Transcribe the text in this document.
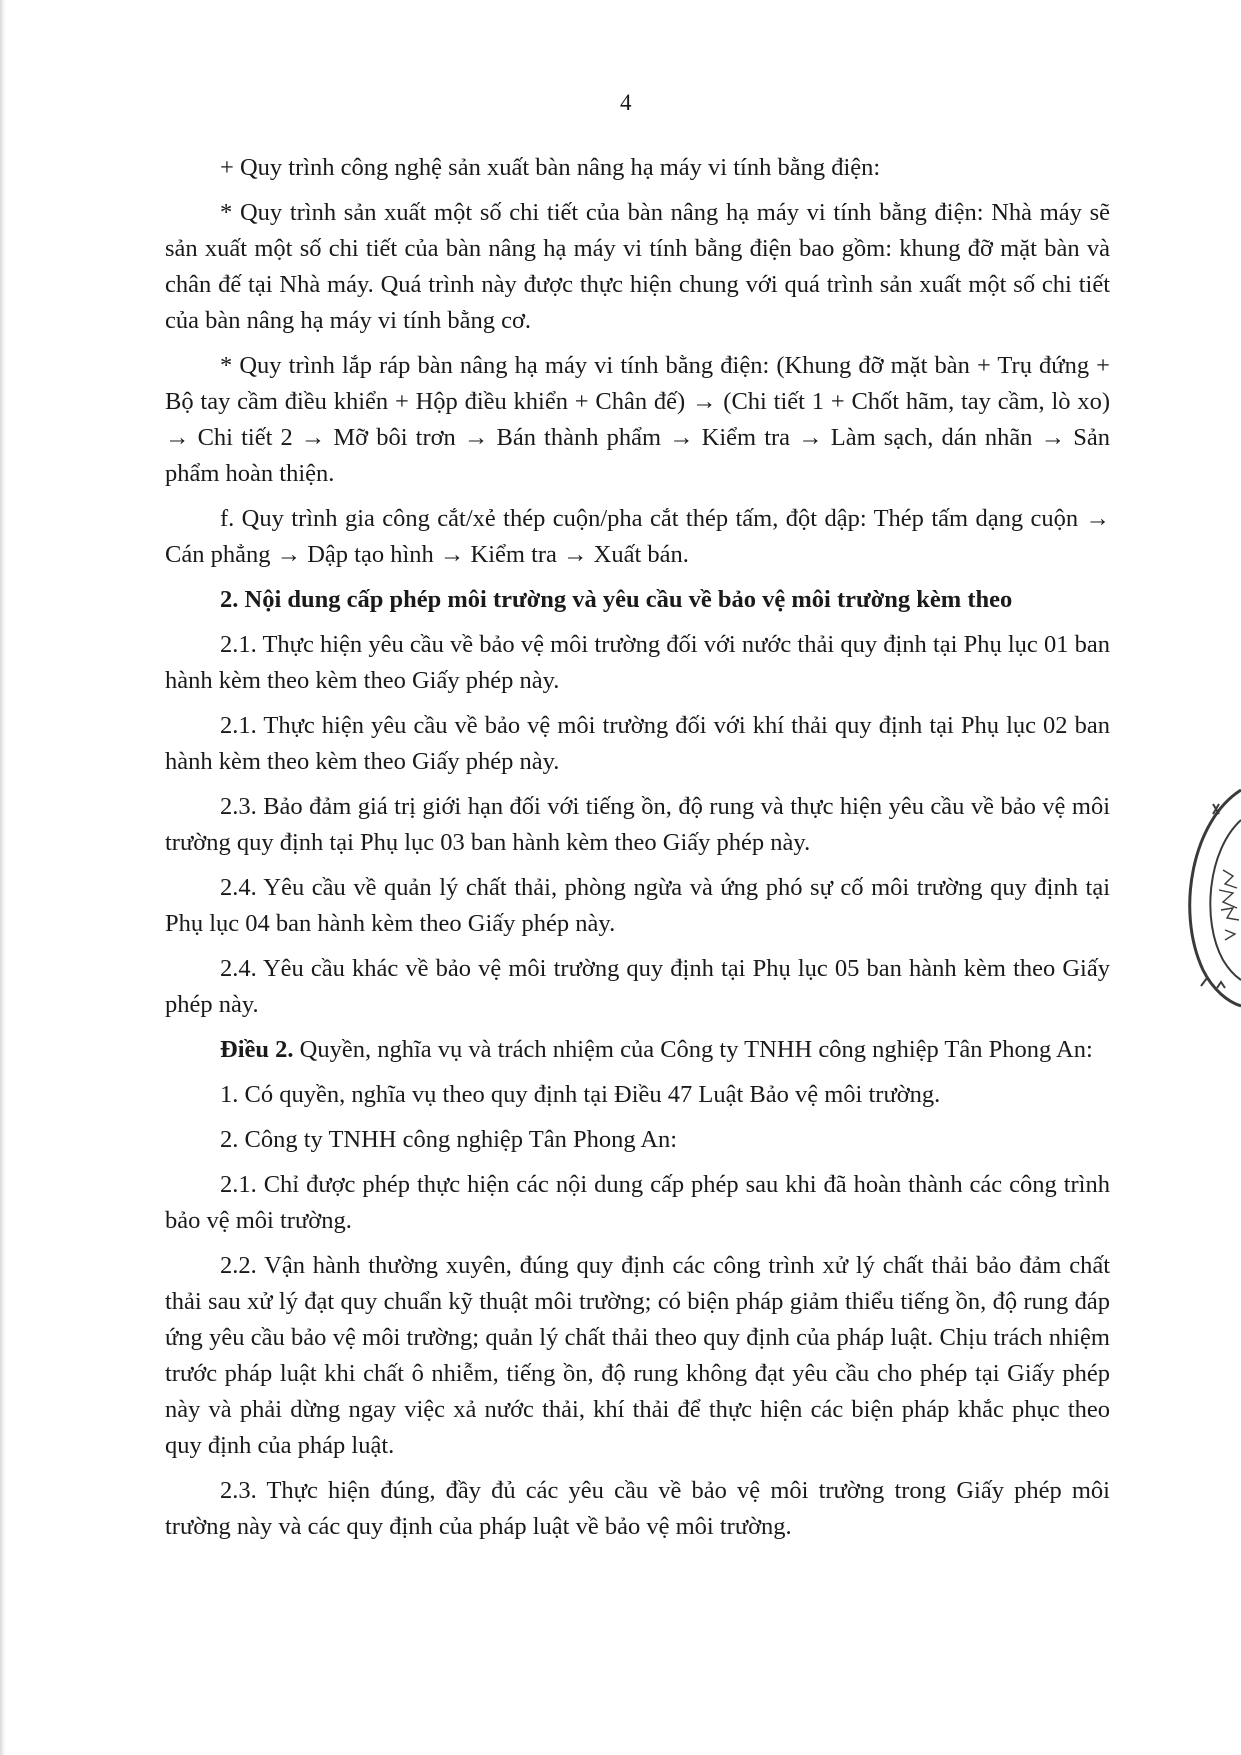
4

+ Quy trình công nghệ sản xuất bàn nâng hạ máy vi tính bằng điện:

* Quy trình sản xuất một số chi tiết của bàn nâng hạ máy vi tính bằng điện: Nhà máy sẽ sản xuất một số chi tiết của bàn nâng hạ máy vi tính bằng điện bao gồm: khung đỡ mặt bàn và chân đế tại Nhà máy. Quá trình này được thực hiện chung với quá trình sản xuất một số chi tiết của bàn nâng hạ máy vi tính bằng cơ.

* Quy trình lắp ráp bàn nâng hạ máy vi tính bằng điện: (Khung đỡ mặt bàn + Trụ đứng + Bộ tay cầm điều khiển + Hộp điều khiển + Chân đế) → (Chi tiết 1 + Chốt hãm, tay cầm, lò xo) → Chi tiết 2 → Mỡ bôi trơn → Bán thành phẩm → Kiểm tra → Làm sạch, dán nhãn → Sản phẩm hoàn thiện.

f. Quy trình gia công cắt/xẻ thép cuộn/pha cắt thép tấm, đột dập: Thép tấm dạng cuộn → Cán phẳng → Dập tạo hình → Kiểm tra → Xuất bán.

2. Nội dung cấp phép môi trường và yêu cầu về bảo vệ môi trường kèm theo

2.1. Thực hiện yêu cầu về bảo vệ môi trường đối với nước thải quy định tại Phụ lục 01 ban hành kèm theo kèm theo Giấy phép này.

2.1. Thực hiện yêu cầu về bảo vệ môi trường đối với khí thải quy định tại Phụ lục 02 ban hành kèm theo kèm theo Giấy phép này.

2.3. Bảo đảm giá trị giới hạn đối với tiếng ồn, độ rung và thực hiện yêu cầu về bảo vệ môi trường quy định tại Phụ lục 03 ban hành kèm theo Giấy phép này.

2.4. Yêu cầu về quản lý chất thải, phòng ngừa và ứng phó sự cố môi trường quy định tại Phụ lục 04 ban hành kèm theo Giấy phép này.

2.4. Yêu cầu khác về bảo vệ môi trường quy định tại Phụ lục 05 ban hành kèm theo Giấy phép này.

Điều 2. Quyền, nghĩa vụ và trách nhiệm của Công ty TNHH công nghiệp Tân Phong An:

1. Có quyền, nghĩa vụ theo quy định tại Điều 47 Luật Bảo vệ môi trường.

2. Công ty TNHH công nghiệp Tân Phong An:

2.1. Chỉ được phép thực hiện các nội dung cấp phép sau khi đã hoàn thành các công trình bảo vệ môi trường.

2.2. Vận hành thường xuyên, đúng quy định các công trình xử lý chất thải bảo đảm chất thải sau xử lý đạt quy chuẩn kỹ thuật môi trường; có biện pháp giảm thiểu tiếng ồn, độ rung đáp ứng yêu cầu bảo vệ môi trường; quản lý chất thải theo quy định của pháp luật. Chịu trách nhiệm trước pháp luật khi chất ô nhiễm, tiếng ồn, độ rung không đạt yêu cầu cho phép tại Giấy phép này và phải dừng ngay việc xả nước thải, khí thải để thực hiện các biện pháp khắc phục theo quy định của pháp luật.

2.3. Thực hiện đúng, đầy đủ các yêu cầu về bảo vệ môi trường trong Giấy phép môi trường này và các quy định của pháp luật về bảo vệ môi trường.
